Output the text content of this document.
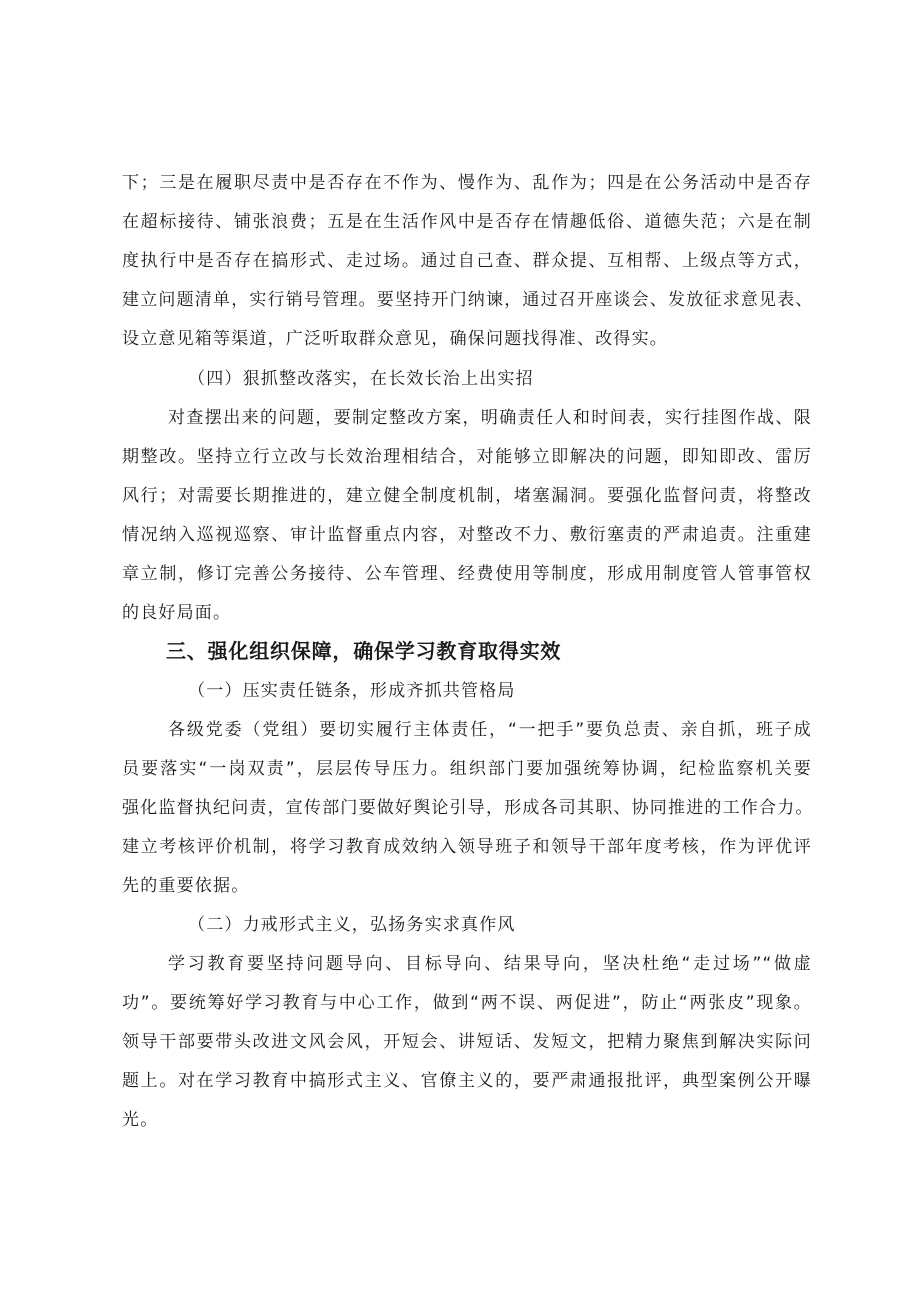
下；三是在履职尽责中是否存在不作为、慢作为、乱作为；四是在公务活动中是否存
在超标接待、铺张浪费；五是在生活作风中是否存在情趣低俗、道德失范；六是在制
度执行中是否存在搞形式、走过场。通过自己查、群众提、互相帮、上级点等方式，
建立问题清单，实行销号管理。要坚持开门纳谏，通过召开座谈会、发放征求意见表、
设立意见箱等渠道，广泛听取群众意见，确保问题找得准、改得实。
（四）狠抓整改落实，在长效长治上出实招
对查摆出来的问题，要制定整改方案，明确责任人和时间表，实行挂图作战、限
期整改。坚持立行立改与长效治理相结合，对能够立即解决的问题，即知即改、雷厉
风行；对需要长期推进的，建立健全制度机制，堵塞漏洞。要强化监督问责，将整改
情况纳入巡视巡察、审计监督重点内容，对整改不力、敷衍塞责的严肃追责。注重建
章立制，修订完善公务接待、公车管理、经费使用等制度，形成用制度管人管事管权
的良好局面。
三、强化组织保障，确保学习教育取得实效
（一）压实责任链条，形成齐抓共管格局
各级党委（党组）要切实履行主体责任，“一把手”要负总责、亲自抓，班子成
员要落实“一岗双责”，层层传导压力。组织部门要加强统筹协调，纪检监察机关要
强化监督执纪问责，宣传部门要做好舆论引导，形成各司其职、协同推进的工作合力。
建立考核评价机制，将学习教育成效纳入领导班子和领导干部年度考核，作为评优评
先的重要依据。
（二）力戒形式主义，弘扬务实求真作风
学习教育要坚持问题导向、目标导向、结果导向，坚决杜绝“走过场”“做虚
功”。要统筹好学习教育与中心工作，做到“两不误、两促进”，防止“两张皮”现象。
领导干部要带头改进文风会风，开短会、讲短话、发短文，把精力聚焦到解决实际问
题上。对在学习教育中搞形式主义、官僚主义的，要严肃通报批评，典型案例公开曝
光。
